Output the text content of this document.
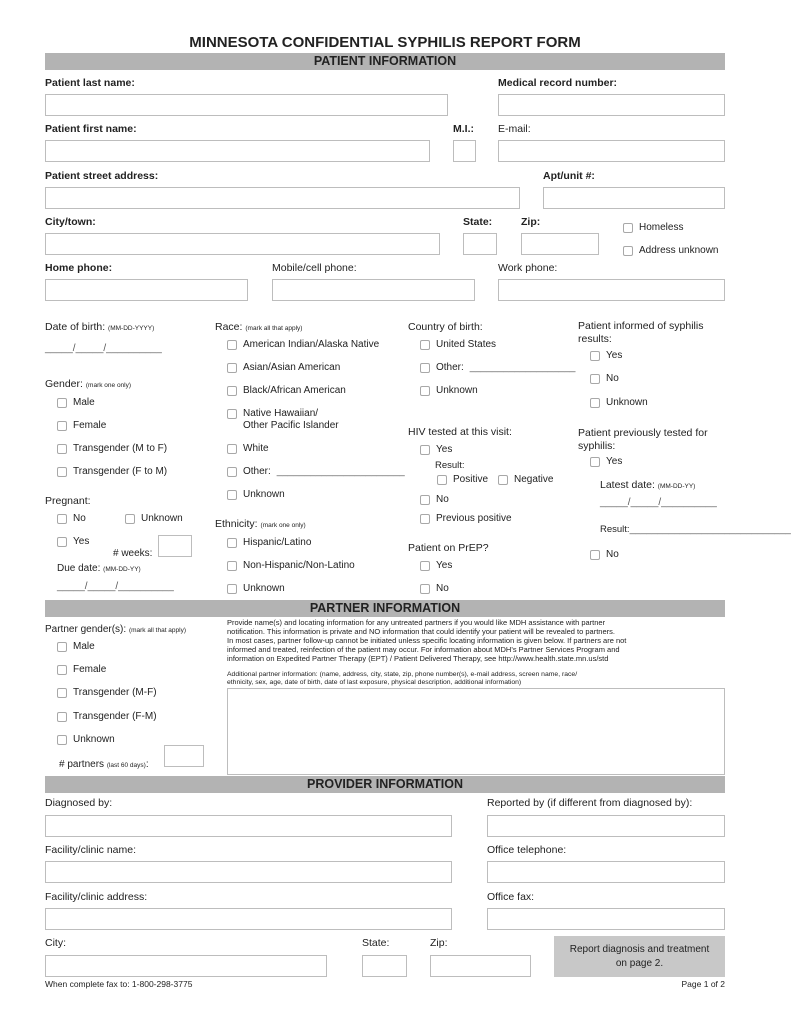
MINNESOTA CONFIDENTIAL SYPHILIS REPORT FORM
PATIENT INFORMATION
Patient last name:	Medical record number:
Patient first name:	M.I.: E-mail:
Patient street address:	Apt/unit #:
City/town:	State:	Zip:	Homeless
Address unknown
Home phone:	Mobile/cell phone:	Work phone:
Date of birth: (MM-DD-YYYY)
_____/_____/__________
Gender: (mark one only)
Male
Female
Transgender (M to F)
Transgender (F to M)
Pregnant:
No	Unknown
Yes
# weeks:
Due date: (MM-DD-YY)
_____/_____/__________
Race: (mark all that apply)
American Indian/Alaska Native
Asian/Asian American
Black/African American
Native Hawaiian/
Other Pacific Islander
White
Other: _______________________
Unknown
Ethnicity: (mark one only)
Hispanic/Latino
Non-Hispanic/Non-Latino
Unknown
Country of birth:
United States
Other: ___________________
Unknown
HIV tested at this visit:
Yes
Result:
Positive	Negative
No
Previous positive
Patient on PrEP?
Yes
No
Patient informed of syphilis
results:
Yes
No
Unknown
Patient previously tested for
syphilis:
Yes
Latest date: (MM-DD-YY)
_____/_____/__________
Result:_____________________________
No
PARTNER INFORMATION
Partner gender(s): (mark all that apply)
Male
Female
Transgender (M-F)
Transgender (F-M)
Unknown
# partners (last 60 days):
Provide name(s) and locating information for any untreated partners if you would like MDH assistance with partner
notification. This information is private and NO information that could identify your patient will be revealed to partners.
In most cases, partner follow-up cannot be initiated unless specific locating information is given below. If partners are not
informed and treated, reinfection of the patient may occur. For information about MDH’s Partner Services Program and
information on Expedited Partner Therapy (EPT) / Patient Delivered Therapy, see http://www.health.state.mn.us/std
Additional partner information: (name, address, city, state, zip, phone number(s), e-mail address, screen name, race/
ethnicity, sex, age, date of birth, date of last exposure, physical description, additional information)
PROVIDER INFORMATION
Diagnosed by:	Reported by (if different from diagnosed by):
Facility/clinic name:	Office telephone:
Facility/clinic address:	Office fax:
City:	State:	Zip:
Report diagnosis and treatment
on page 2.
When complete fax to: 1-800-298-3775	Page 1 of 2
